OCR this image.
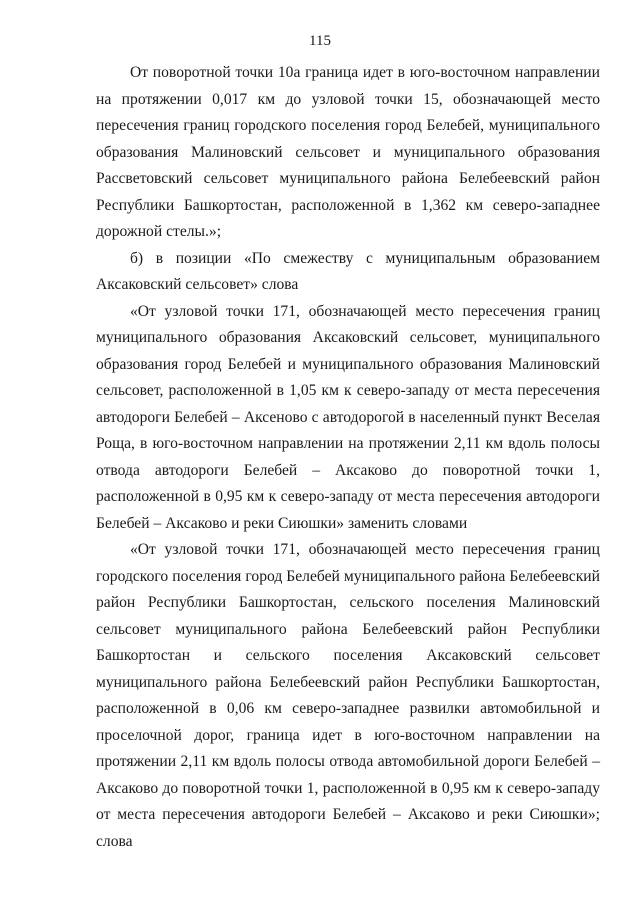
115

От поворотной точки 10а граница идет в юго-восточном направлении на протяжении 0,017 км до узловой точки 15, обозначающей место пересечения границ городского поселения город Белебей, муниципального образования Малиновский сельсовет и муниципального образования Рассветовский сельсовет муниципального района Белебеевский район Республики Башкортостан, расположенной в 1,362 км северо-западнее дорожной стелы.»;

б) в позиции «По смежеству с муниципальным образованием Аксаковский сельсовет» слова

«От узловой точки 171, обозначающей место пересечения границ муниципального образования Аксаковский сельсовет, муниципального образования город Белебей и муниципального образования Малиновский сельсовет, расположенной в 1,05 км к северо-западу от места пересечения автодороги Белебей – Аксеново с автодорогой в населенный пункт Веселая Роща, в юго-восточном направлении на протяжении 2,11 км вдоль полосы отвода автодороги Белебей – Аксаково до поворотной точки 1, расположенной в 0,95 км к северо-западу от места пересечения автодороги Белебей – Аксаково и реки Сиюшки» заменить словами

«От узловой точки 171, обозначающей место пересечения границ городского поселения город Белебей муниципального района Белебеевский район Республики Башкортостан, сельского поселения Малиновский сельсовет муниципального района Белебеевский район Республики Башкортостан и сельского поселения Аксаковский сельсовет муниципального района Белебеевский район Республики Башкортостан, расположенной в 0,06 км северо-западнее развилки автомобильной и проселочной дорог, граница идет в юго-восточном направлении на протяжении 2,11 км вдоль полосы отвода автомобильной дороги Белебей – Аксаково до поворотной точки 1, расположенной в 0,95 км к северо-западу от места пересечения автодороги Белебей – Аксаково и реки Сиюшки»; слова
